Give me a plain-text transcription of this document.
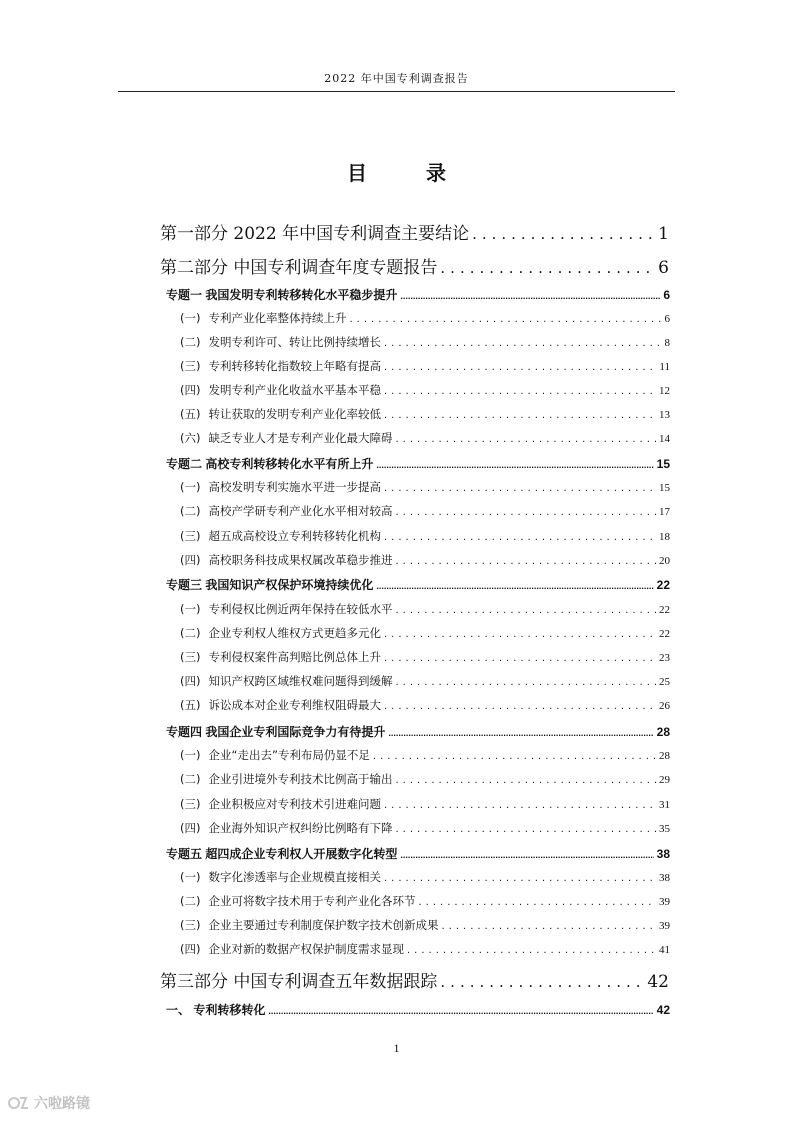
2022 年中国专利调查报告
目 录
第一部分 2022 年中国专利调查主要结论 .....	1
第二部分 中国专利调查年度专题报告 .....	6
专题一 我国发明专利转移转化水平稳步提升 .....	6
(一) 专利产业化率整体持续上升 .....	6
(二) 发明专利许可、转让比例持续增长 .....	8
(三) 专利转移转化指数较上年略有提高 .....	11
(四) 发明专利产业化收益水平基本平稳 .....	12
(五) 转让获取的发明专利产业化率较低 .....	13
(六) 缺乏专业人才是专利产业化最大障碍 .....	14
专题二 高校专利转移转化水平有所上升 .....	15
(一) 高校发明专利实施水平进一步提高 .....	15
(二) 高校产学研专利产业化水平相对较高 .....	17
(三) 超五成高校设立专利转移转化机构 .....	18
(四) 高校职务科技成果权属改革稳步推进 .....	20
专题三 我国知识产权保护环境持续优化 .....	22
(一) 专利侵权比例近两年保持在较低水平 .....	22
(二) 企业专利权人维权方式更趋多元化 .....	22
(三) 专利侵权案件高判赔比例总体上升 .....	23
(四) 知识产权跨区域维权难问题得到缓解 .....	25
(五) 诉讼成本对企业专利维权阻碍最大 .....	26
专题四 我国企业专利国际竞争力有待提升 .....	28
(一) 企业“走出去”专利布局仍显不足 .....	28
(二) 企业引进境外专利技术比例高于输出 .....	29
(三) 企业积极应对专利技术引进难问题 .....	31
(四) 企业海外知识产权纠纷比例略有下降 .....	35
专题五 超四成企业专利权人开展数字化转型 .....	38
(一) 数字化渗透率与企业规模直接相关 .....	38
(二) 企业可将数字技术用于专利产业化各环节 .....	39
(三) 企业主要通过专利制度保护数字技术创新成果 .....	39
(四) 企业对新的数据产权保护制度需求显现 .....	41
第三部分 中国专利调查五年数据跟踪 .....	42
一、 专利转移转化 .....	42
1
六啦路镜
